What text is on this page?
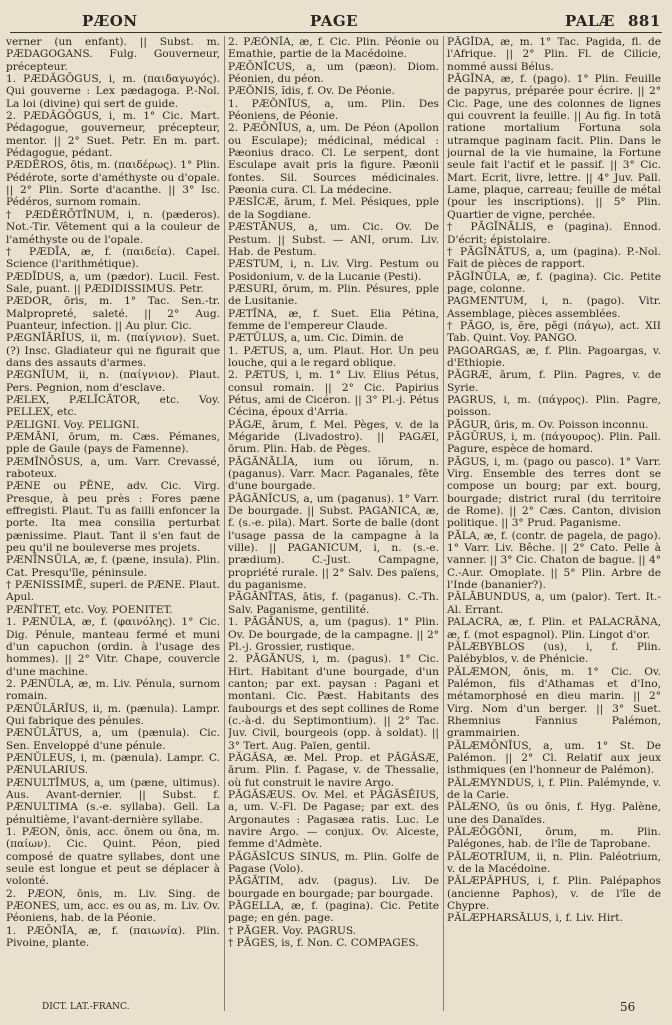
PÆON	PAGE	PALÆ 881

verner (un enfant). || Subst. m. PÆDAGOGANS. Fulg. Gouverneur, précepteur.

1. PÆDĂGŌGUS, i, m. (παιδαγωγός). Qui gouverne : Lex pædagoga. P.-Nol. La loi (divine) qui sert de guide.

2. PÆDĂGŌGUS, i, m. 1° Cic. Mart. Pédagogue, gouverneur, précepteur, mentor. || 2° Suet. Petr. En m. part. Pédagogue, pédant.

PÆDĔROS, ōtis, m. (παιδέρως). 1° Plin. Pédérote, sorte d'améthyste ou d'opale. || 2° Plin. Sorte d'acanthe. || 3° Isc. Pédéros, surnom romain.

† PÆDĔRŌTĬNUM, i, n. (pæderos). Not.-Tir. Vêtement qui a la couleur de l'améthyste ou de l'opale.

† PÆDĪA, æ, f. (παιδεία). Capel. Science (l'arithmétique).

PÆDĪDUS, a, um (pædor). Lucil. Fest. Sale, puant. || PÆDIDISSIMUS. Petr.

PÆDOR, ōris, m. 1° Tac. Sen.-tr. Malpropreté, saleté. || 2° Aug. Puanteur, infection. || Au plur. Cic.

PÆGNĬĀRĬUS, ii, m. (παίγνιον). Suet. (?) Insc. Gladiateur qui ne figurait que dans des assauts d'armes.

PÆGNĬUM, ii, n. (παίγνιον). Plaut. Pers. Pegnion, nom d'esclave.

PÆLEX, PÆLĬCĀTOR, etc. Voy. PELLEX, etc.

PÆLIGNI. Voy. PELIGNI.

PÆMĀNI, ōrum, m. Cæs. Pémanes, pple de Gaule (pays de Famenne).

PÆMĬNŌSUS, a, um. Varr. Crevassé, raboteux.

PÆNE ou PĒNE, adv. Cic. Virg. Presque, à peu près : Fores pæne effregisti. Plaut. Tu as failli enfoncer la porte. Ita mea consilia perturbat pænissime. Plaut. Tant il s'en faut de peu qu'il ne bouleverse mes projets.

PÆNĪNSŬLA, æ, f. (pæne, insula). Plin. Cat. Presqu'île, péninsule.

† PÆNISSIMĒ, superl. de PÆNE. Plaut. Apul.

PÆNĬTET, etc. Voy. POENITET.

1. PÆNŬLA, æ, f. (φαινόλης). 1° Cic. Dig. Pénule, manteau fermé et muni d'un capuchon (ordin. à l'usage des hommes). || 2° Vitr. Chape, couvercle d'une machine.

2. PÆNŬLA, æ, m. Liv. Pénula, surnom romain.

PÆNŬLĀRĬUS, ii, m. (pænula). Lampr. Qui fabrique des pénules.

PÆNŬLĀTUS, a, um (pænula). Cic. Sen. Enveloppé d'une pénule.

PÆNŬLEUS, i, m. (pænula). Lampr. C. PÆNULARIUS.

PÆNULTĬMUS, a, um (pæne, ultimus). Aus. Avant-dernier. || Subst. f. PÆNULTIMA (s.-e. syllaba). Gell. La pénultième, l'avant-dernière syllabe.

1. PÆON, ōnis, acc. ōnem ou ōna, m. (παίων). Cic. Quint. Péon, pied composé de quatre syllabes, dont une seule est longue et peut se déplacer à volonté.

2. PÆON, ōnis, m. Liv. Sing. de PÆONES, um, acc. es ou as, m. Liv. Ov. Péoniens, hab. de la Péonie.

1. PÆŌNĬA, æ, f. (παιωνία). Plin. Pivoine, plante.

2. PÆŎNĬA, æ, f. Cic. Plin. Péonie ou Emathie, partie de la Macédoine.

PÆŌNĬCUS, a, um (pæon). Diom. Péonien, du péon.

PÆŎNIS, ĭdis, f. Ov. De Péonie.

1. PÆŎNĬUS, a, um. Plin. Des Péoniens, de Péonie.

2. PÆŌNĬUS, a, um. De Péon (Apollon ou Esculape); médicinal, médical : Pæonius draco. Cl. Le serpent, dont Esculape avait pris la figure. Pæonii fontes. Sil. Sources médicinales. Pæonia cura. Cl. La médecine.

PÆSĬCÆ, ārum, f. Mel. Pésiques, pple de la Sogdiane.

PÆSTĀNUS, a, um. Cic. Ov. De Pestum. || Subst. — ANI, orum. Liv. Hab. de Pestum.

PÆSTUM, i, n. Liv. Virg. Pestum ou Posidonium, v. de la Lucanie (Pesti).

PÆSURI, ōrum, m. Plin. Pésures, pple de Lusitanie.

PÆTĪNA, æ, f. Suet. Elia Pétina, femme de l'empereur Claude.

PÆTŬLUS, a, um. Cic. Dimin. de

1. PÆTUS, a, um. Plaut. Hor. Un peu louche, qui a le regard oblique.

2. PÆTUS, i, m. 1° Liv. Elius Pétus, consul romain. || 2° Cic. Papirius Pétus, ami de Cicéron. || 3° Pl.-j. Pétus Cécina, époux d'Arria.

PĂGÆ, ārum, f. Mel. Pèges, v. de la Mégaride (Livadostro). || PAGÆI, ōrum. Plin. Hab. de Pèges.

PĀGĀNĀLĬA, ium ou ĭōrum, n. (paganus). Varr. Macr. Paganales, fête d'une bourgade.

PĀGĀNĬCUS, a, um (paganus). 1° Varr. De bourgade. || Subst. PAGANICA, æ, f. (s.-e. pila). Mart. Sorte de balle (dont l'usage passa de la campagne à la ville). || PAGANICUM, i, n. (s.-e. prædium). C.-Just. Campagne, propriété rurale. || 2° Salv. Des païens, du paganisme.

PĀGĀNĬTAS, ātis, f. (paganus). C.-Th. Salv. Paganisme, gentilité.

1. PĀGĀNUS, a, um (pagus). 1° Plin. Ov. De bourgade, de la campagne. || 2° Pl.-j. Grossier, rustique.

2. PĀGĀNUS, i, m. (pagus). 1° Cic. Hirt. Habitant d'une bourgade, d'un canton; par ext. paysan : Pagani et montani. Cic. Pæst. Habitants des faubourgs et des sept collines de Rome (c.-à-d. du Septimontium). || 2° Tac. Juv. Civil, bourgeois (opp. à soldat). || 3° Tert. Aug. Païen, gentil.

PĂGĂSA, æ. Mel. Prop. et PĂGĂSÆ, ārum. Plin. f. Pagase, v. de Thessalie, où fut construit le navire Argo.

PĂGĂSÆUS. Ov. Mel. et PĂGĂSĒIUS, a, um. V.-Fl. De Pagase; par ext. des Argonautes : Pagasæa ratis. Luc. Le navire Argo. — conjux. Ov. Alceste, femme d'Admète.

PĂGĂSĬCUS SINUS, m. Plin. Golfe de Pagase (Volo).

PĀGĀTIM, adv. (pagus). Liv. De bourgade en bourgade; par bourgade.

PĀGELLA, æ, f. (pagina). Cic. Petite page; en gén. page.

† PĀGER. Voy. PAGRUS.

† PĀGES, is, f. Non. C. COMPAGES.

PĀGĬDA, æ, m. 1° Tac. Pagida, fl. de l'Afrique. || 2° Plin. Fl. de Cilicie, nommé aussi Bélus.

PĀGĬNA, æ, f. (pago). 1° Plin. Feuille de papyrus, préparée pour écrire. || 2° Cic. Page, une des colonnes de lignes qui couvrent la feuille. || Au fig. In totā ratione mortalium Fortuna sola utramque paginam facit. Plin. Dans le journal de la vie humaine, la Fortune seule fait l'actif et le passif. || 3° Cic. Mart. Ecrit, livre, lettre. || 4° Juv. Pall. Lame, plaque, carreau; feuille de métal (pour les inscriptions). || 5° Plin. Quartier de vigne, perchée.

† PĀGĬNĀLIS, e (pagina). Ennod. D'écrit; épistolaire.

† PĀGĬNĀTUS, a, um (pagina). P.-Nol. Fait de pièces de rapport.

PĀGĬNŬLA, æ, f. (pagina). Cic. Petite page, colonne.

PAGMENTUM, i, n. (pago). Vitr. Assemblage, pièces assemblées.

† PĀGO, is, ĕre, pĕgi (πάγω), act. XII Tab. Quint. Voy. PANGO.

PAGOARGAS, æ, f. Plin. Pagoargas, v. d'Ethiopie.

PĂGRÆ, ārum, f. Plin. Pagres, v. de Syrie.

PAGRUS, i, m. (πάγρος). Plin. Pagre, poisson.

PĀGUR, ūris, m. Ov. Poisson inconnu.

PĀGŪRUS, i, m. (πάγουρος). Plin. Pall. Pagure, espèce de homard.

PĀGUS, i, m. (pago ou pasco). 1° Varr. Virg. Ensemble des terres dont se compose un bourg; par ext. bourg, bourgade; district rural (du territoire de Rome). || 2° Cæs. Canton, division politique. || 3° Prud. Paganisme.

PĀLA, æ, f. (contr. de pagela, de pago). 1° Varr. Liv. Bêche. || 2° Cato. Pelle à vanner. || 3° Cic. Chaton de bague. || 4° C.-Aur. Omoplate. || 5° Plin. Arbre de l'Inde (bananier?).

PĂLĀBUNDUS, a, um (palor). Tert. It.-Al. Errant.

PALACRA, æ, f. Plin. et PALACRĀNA, æ, f. (mot espagnol). Plin. Lingot d'or.

PĂLÆBYBLOS (us), i, f. Plin. Palébyblos, v. de Phénicie.

PĂLÆMON, ōnis, m. 1° Cic. Ov. Palémon, fils d'Athamas et d'Ino, métamorphosé en dieu marin. || 2° Virg. Nom d'un berger. || 3° Suet. Rhemnius Fannius Palémon, grammairien.

PĂLÆMŌNĬUS, a, um. 1° St. De Palémon. || 2° Cl. Relatif aux jeux isthmiques (en l'honneur de Palémon).

PĂLÆMYNDUS, i, f. Plin. Palémynde, v. de la Carie.

PĂLÆNO, ūs ou ōnis, f. Hyg. Palène, une des Danaïdes.

PĂLÆŎGŎNI, ōrum, m. Plin. Palégones, hab. de l'île de Taprobane.

PĂLÆOTRĬUM, ii, n. Plin. Paléotrium, v. de la Macédoine.

PĂLÆPĂPHUS, i, f. Plin. Palépaphos (ancienne Paphos), v. de l'île de Chypre.

PĂLÆPHARSĀLUS, i, f. Liv. Hirt.

DICT. LAT.-FRANC.	56
